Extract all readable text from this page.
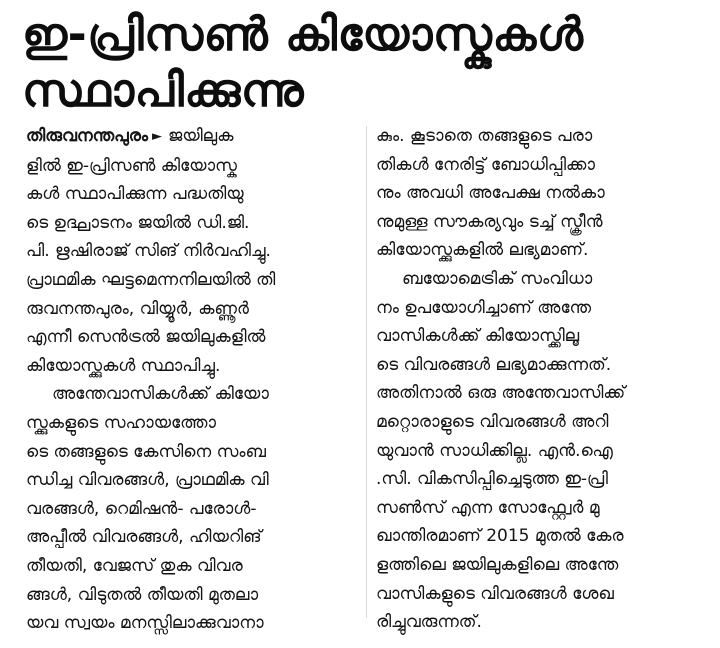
ഇ-പ്രിസൺ കിയോസ്കുകൾ
സ്ഥാപിക്കുന്നു
തിരുവനന്തപുരം ► ജയിലുക
ളിൽ ഇ-പ്രിസൺ കിയോസ്കു
കൾ സ്ഥാപിക്കുന്ന പദ്ധതിയു
ടെ ഉദ്ഘാടനം ജയിൽ ഡി.ജി.
പി. ഋഷിരാജ് സിങ് നിർവഹിച്ചു.
പ്രാഥമിക ഘട്ടമെന്നനിലയിൽ തി
രുവനന്തപുരം, വിയ്യൂർ, കണ്ണൂർ
എന്നീ സെൻട്രൽ ജയിലുകളിൽ
കിയോസ്ക്കുകൾ സ്ഥാപിച്ചു.
അന്തേവാസികൾക്ക് കിയോ
സ്ക്കുകളുടെ സഹായത്തോ
ടെ തങ്ങളുടെ കേസിനെ സംബ
ന്ധിച്ച വിവരങ്ങൾ, പ്രാഥമിക വി
വരങ്ങൾ, റെമിഷൻ- പരോൾ-
അപ്പീൽ വിവരങ്ങൾ, ഹിയറിങ്
തീയതി, വേജസ് തുക വിവര
ങ്ങൾ, വിടുതൽ തീയതി മുതലാ
യവ സ്വയം മനസ്സിലാക്കുവാനാ
കും. കൂടാതെ തങ്ങളുടെ പരാ
തികൾ നേരിട്ട് ബോധിപ്പിക്കാ
നും അവധി അപേക്ഷ നൽകാ
നുമുള്ള സൗകര്യവും ടച്ച് സ്ക്രീൻ
കിയോസ്ക്കുകളിൽ ലഭ്യമാണ്.
ബയോമെട്രിക് സംവിധാ
നം ഉപയോഗിച്ചാണ് അന്തേ
വാസികൾക്ക് കിയോസ്ക്കിലൂ
ടെ വിവരങ്ങൾ ലഭ്യമാക്കുന്നത്.
അതിനാൽ ഒരു അന്തേവാസിക്ക്
മറ്റൊരാളുടെ വിവരങ്ങൾ അറി
യുവാൻ സാധിക്കില്ല. എൻ.ഐ
.സി. വികസിപ്പിച്ചെടുത്ത ഇ-പ്രി
സൺസ് എന്ന സോഫ്റ്റ്വേർ മു
ഖാന്തിരമാണ് 2015 മുതൽ കേര
ളത്തിലെ ജയിലുകളിലെ അന്തേ
വാസികളുടെ വിവരങ്ങൾ ശേഖ
രിച്ചുവരുന്നത്.
